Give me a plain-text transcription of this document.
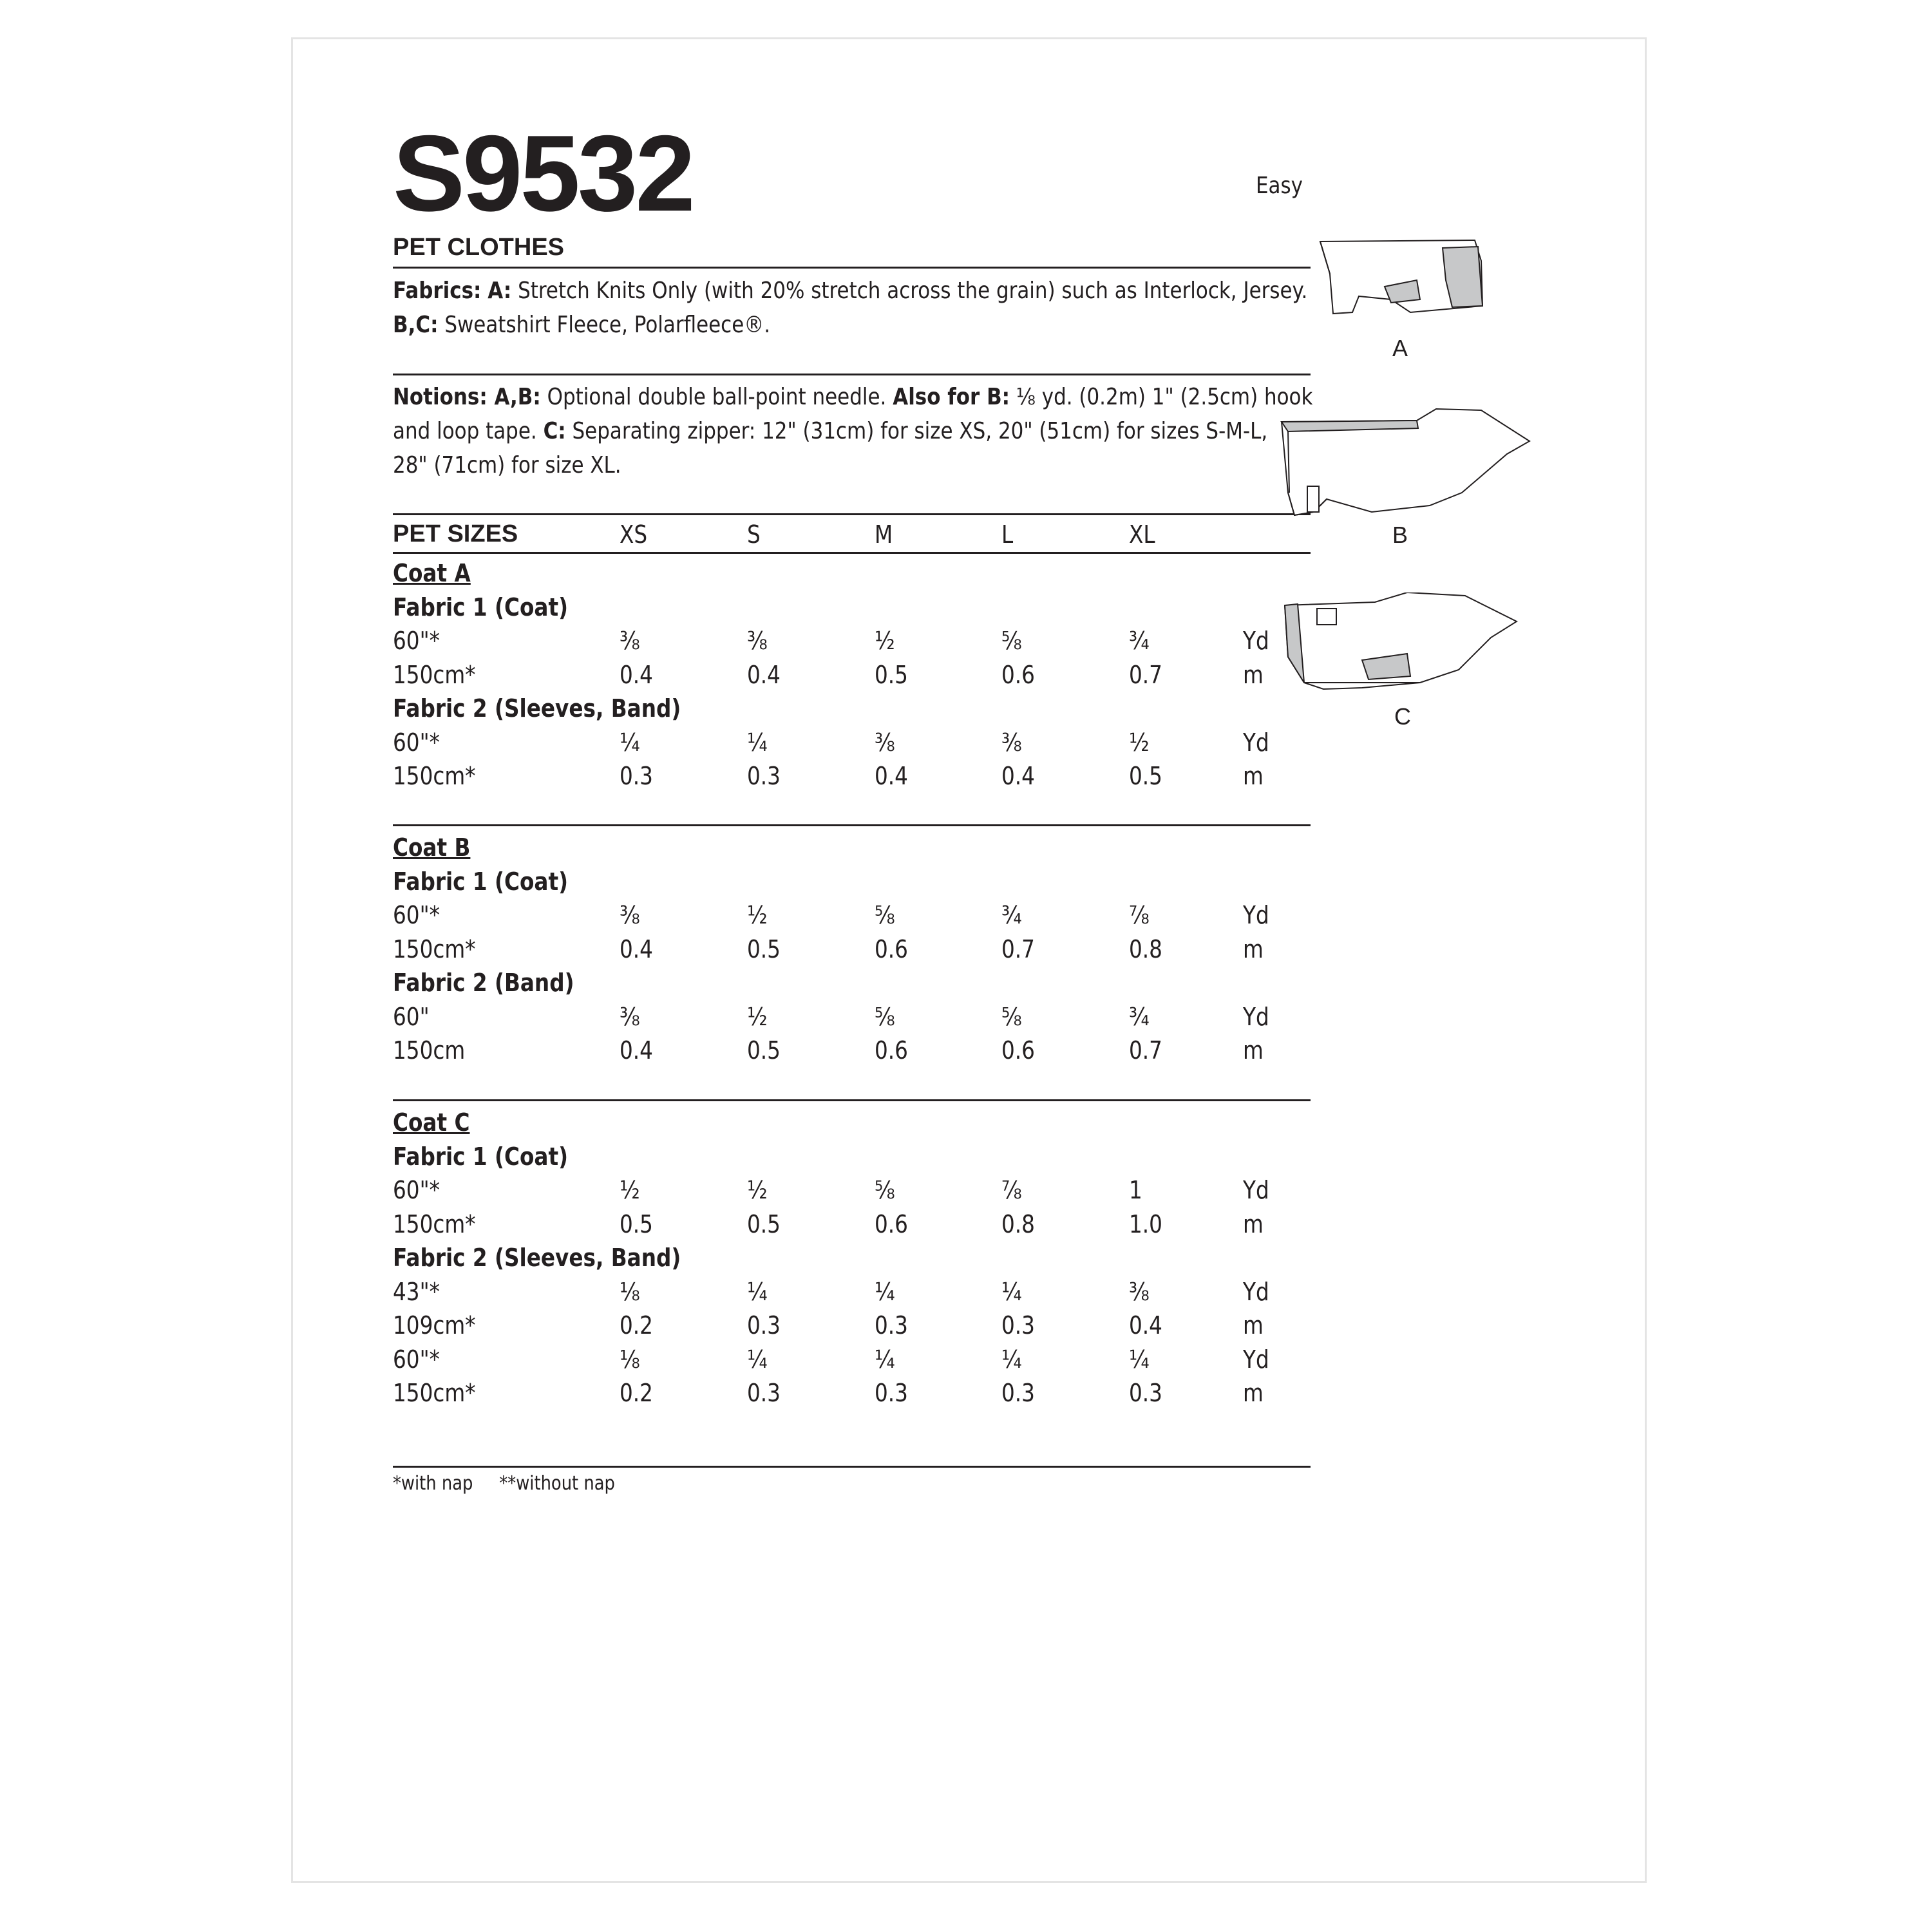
S9532	Easy
PET CLOTHES
Fabrics: A: Stretch Knits Only (with 20% stretch across the grain) such as Interlock, Jersey.
B,C: Sweatshirt Fleece, Polarfleece®.
Notions: A,B: Optional double ball-point needle. Also for B: ⅛ yd. (0.2m) 1" (2.5cm) hook
and loop tape. C: Separating zipper: 12" (31cm) for size XS, 20" (51cm) for sizes S-M-L,
28" (71cm) for size XL.
PET SIZES	XS	S	M	L	XL
Coat A
Fabric 1 (Coat)
60"*	⅜	⅜	½	⅝	¾	Yd
150cm*	0.4	0.4	0.5	0.6	0.7	m
Fabric 2 (Sleeves, Band)
60"*	¼	¼	⅜	⅜	½	Yd
150cm*	0.3	0.3	0.4	0.4	0.5	m
Coat B
Fabric 1 (Coat)
60"*	⅜	½	⅝	¾	⅞	Yd
150cm*	0.4	0.5	0.6	0.7	0.8	m
Fabric 2 (Band)
60"	⅜	½	⅝	⅝	¾	Yd
150cm	0.4	0.5	0.6	0.6	0.7	m
Coat C
Fabric 1 (Coat)
60"*	½	½	⅝	⅞	1	Yd
150cm*	0.5	0.5	0.6	0.8	1.0	m
Fabric 2 (Sleeves, Band)
43"*	⅛	¼	¼	¼	⅜	Yd
109cm*	0.2	0.3	0.3	0.3	0.4	m
60"*	⅛	¼	¼	¼	¼	Yd
150cm*	0.2	0.3	0.3	0.3	0.3	m
*with nap **without nap
A
B
C
